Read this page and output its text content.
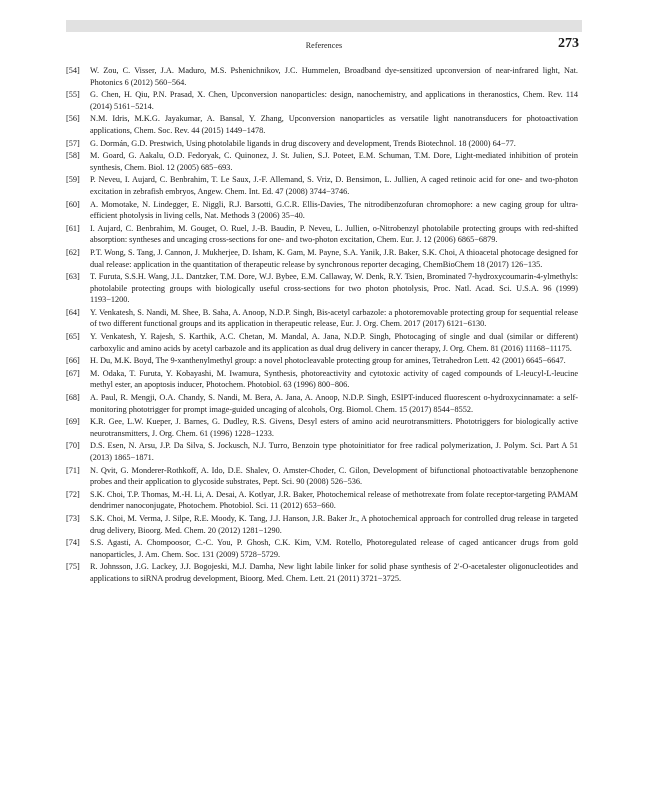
References	273
[54] W. Zou, C. Visser, J.A. Maduro, M.S. Pshenichnikov, J.C. Hummelen, Broadband dye-sensitized upconversion of near-infrared light, Nat. Photonics 6 (2012) 560−564.
[55] G. Chen, H. Qiu, P.N. Prasad, X. Chen, Upconversion nanoparticles: design, nanochemistry, and applications in theranostics, Chem. Rev. 114 (2014) 5161−5214.
[56] N.M. Idris, M.K.G. Jayakumar, A. Bansal, Y. Zhang, Upconversion nanoparticles as versatile light nanotransducers for photoactivation applications, Chem. Soc. Rev. 44 (2015) 1449−1478.
[57] G. Dormán, G.D. Prestwich, Using photolabile ligands in drug discovery and development, Trends Biotechnol. 18 (2000) 64−77.
[58] M. Goard, G. Aakalu, O.D. Fedoryak, C. Quinonez, J. St. Julien, S.J. Poteet, E.M. Schuman, T.M. Dore, Light-mediated inhibition of protein synthesis, Chem. Biol. 12 (2005) 685−693.
[59] P. Neveu, I. Aujard, C. Benbrahim, T. Le Saux, J.-F. Allemand, S. Vriz, D. Bensimon, L. Jullien, A caged retinoic acid for one- and two-photon excitation in zebrafish embryos, Angew. Chem. Int. Ed. 47 (2008) 3744−3746.
[60] A. Momotake, N. Lindegger, E. Niggli, R.J. Barsotti, G.C.R. Ellis-Davies, The nitrodibenzofuran chromophore: a new caging group for ultra-efficient photolysis in living cells, Nat. Methods 3 (2006) 35−40.
[61] I. Aujard, C. Benbrahim, M. Gouget, O. Ruel, J.-B. Baudin, P. Neveu, L. Jullien, o-Nitrobenzyl photolabile protecting groups with red-shifted absorption: syntheses and uncaging cross-sections for one- and two-photon excitation, Chem. Eur. J. 12 (2006) 6865−6879.
[62] P.T. Wong, S. Tang, J. Cannon, J. Mukherjee, D. Isham, K. Gam, M. Payne, S.A. Yanik, J.R. Baker, S.K. Choi, A thioacetal photocage designed for dual release: application in the quantitation of therapeutic release by synchronous reporter decaging, ChemBioChem 18 (2017) 126−135.
[63] T. Furuta, S.S.H. Wang, J.L. Dantzker, T.M. Dore, W.J. Bybee, E.M. Callaway, W. Denk, R.Y. Tsien, Brominated 7-hydroxycoumarin-4-ylmethyls: photolabile protecting groups with biologically useful cross-sections for two photon photolysis, Proc. Natl. Acad. Sci. U.S.A. 96 (1999) 1193−1200.
[64] Y. Venkatesh, S. Nandi, M. Shee, B. Saha, A. Anoop, N.D.P. Singh, Bis-acetyl carbazole: a photoremovable protecting group for sequential release of two different functional groups and its application in therapeutic release, Eur. J. Org. Chem. 2017 (2017) 6121−6130.
[65] Y. Venkatesh, Y. Rajesh, S. Karthik, A.C. Chetan, M. Mandal, A. Jana, N.D.P. Singh, Photocaging of single and dual (similar or different) carboxylic and amino acids by acetyl carbazole and its application as dual drug delivery in cancer therapy, J. Org. Chem. 81 (2016) 11168−11175.
[66] H. Du, M.K. Boyd, The 9-xanthenylmethyl group: a novel photocleavable protecting group for amines, Tetrahedron Lett. 42 (2001) 6645−6647.
[67] M. Odaka, T. Furuta, Y. Kobayashi, M. Iwamura, Synthesis, photoreactivity and cytotoxic activity of caged compounds of L-leucyl-L-leucine methyl ester, an apoptosis inducer, Photochem. Photobiol. 63 (1996) 800−806.
[68] A. Paul, R. Mengji, O.A. Chandy, S. Nandi, M. Bera, A. Jana, A. Anoop, N.D.P. Singh, ESIPT-induced fluorescent o-hydroxycinnamate: a self-monitoring phototrigger for prompt image-guided uncaging of alcohols, Org. Biomol. Chem. 15 (2017) 8544−8552.
[69] K.R. Gee, L.W. Kueper, J. Barnes, G. Dudley, R.S. Givens, Desyl esters of amino acid neurotransmitters. Phototriggers for biologically active neurotransmitters, J. Org. Chem. 61 (1996) 1228−1233.
[70] D.S. Esen, N. Arsu, J.P. Da Silva, S. Jockusch, N.J. Turro, Benzoin type photoinitiator for free radical polymerization, J. Polym. Sci. Part A 51 (2013) 1865−1871.
[71] N. Qvit, G. Monderer-Rothkoff, A. Ido, D.E. Shalev, O. Amster-Choder, C. Gilon, Development of bifunctional photoactivatable benzophenone probes and their application to glycoside substrates, Pept. Sci. 90 (2008) 526−536.
[72] S.K. Choi, T.P. Thomas, M.-H. Li, A. Desai, A. Kotlyar, J.R. Baker, Photochemical release of methotrexate from folate receptor-targeting PAMAM dendrimer nanoconjugate, Photochem. Photobiol. Sci. 11 (2012) 653−660.
[73] S.K. Choi, M. Verma, J. Silpe, R.E. Moody, K. Tang, J.J. Hanson, J.R. Baker Jr., A photochemical approach for controlled drug release in targeted drug delivery, Bioorg. Med. Chem. 20 (2012) 1281−1290.
[74] S.S. Agasti, A. Chompoosor, C.-C. You, P. Ghosh, C.K. Kim, V.M. Rotello, Photoregulated release of caged anticancer drugs from gold nanoparticles, J. Am. Chem. Soc. 131 (2009) 5728−5729.
[75] R. Johnsson, J.G. Lackey, J.J. Bogojeski, M.J. Damha, New light labile linker for solid phase synthesis of 2′-O-acetalester oligonucleotides and applications to siRNA prodrug development, Bioorg. Med. Chem. Lett. 21 (2011) 3721−3725.
